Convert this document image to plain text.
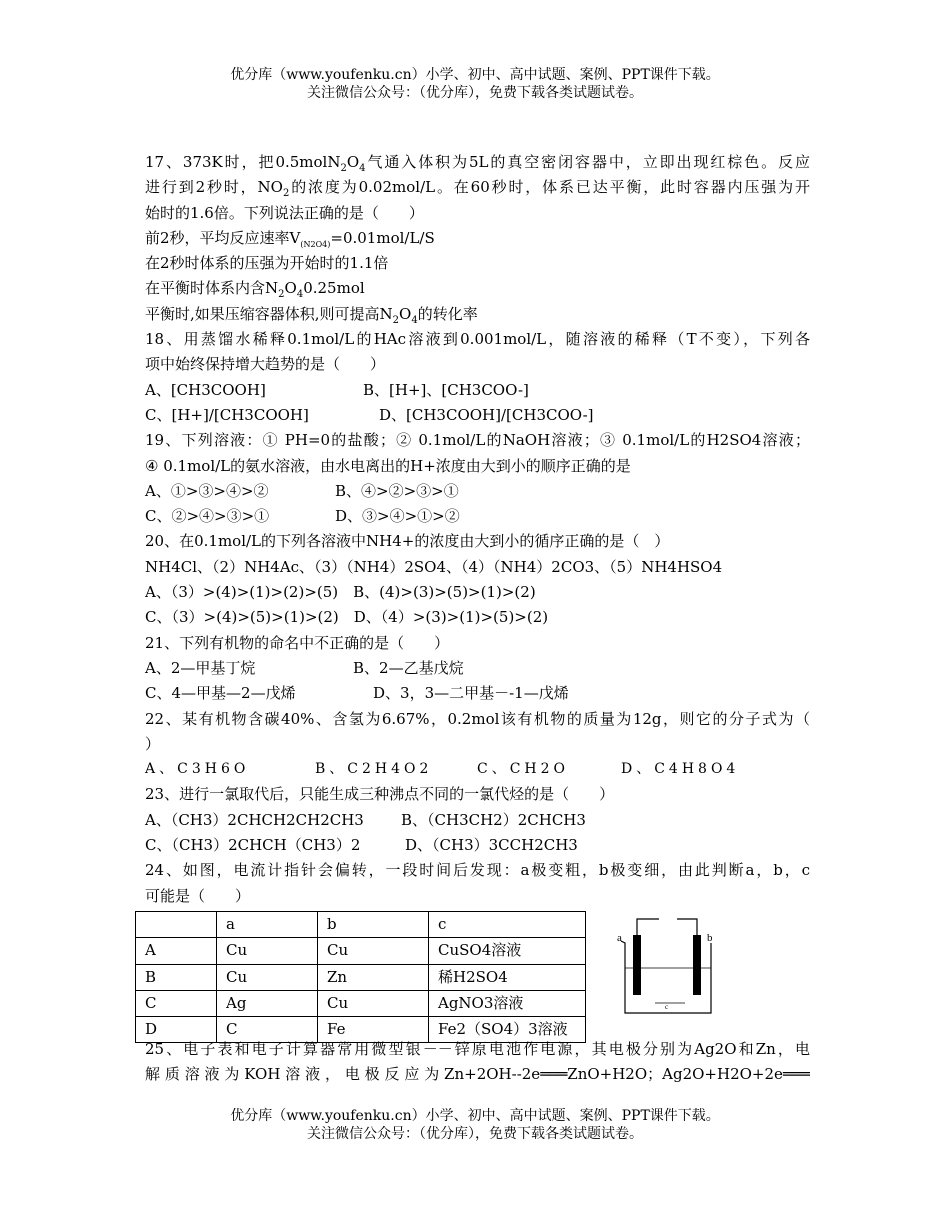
优分库（www.youfenku.cn）小学、初中、高中试题、案例、PPT课件下载。
关注微信公众号：（优分库），免费下载各类试题试卷。
17、373K时，把$0.5molN_2O_4$气通入体积为5L的真空密闭容器中，立即出现红棕色。反应
进行到2秒时，$NO_2$的浓度为0.02mol/L。在60秒时，体系已达平衡，此时容器内压强为开
始时的1.6倍。下列说法正确的是（　　）
前2秒，平均反应速率$V_{(N2O4)}=0.01mol/L/S$
在2秒时体系的压强为开始时的1.1倍
在平衡时体系内含$N_2O_40.25mol$
平衡时,如果压缩容器体积,则可提高$N_2O_4$的转化率
18、用蒸馏水稀释0.1mol/L的HAc溶液到0.001mol/L，随溶液的稀释（T不变），下列各
项中始终保持增大趋势的是（　　）
A、[CH3COOH]	B、[H+]、[CH3COO-]
C、[H+]/[CH3COOH]	D、[CH3COOH]/[CH3COO-]
19、下列溶液：① PH=0的盐酸；② 0.1mol/L的NaOH溶液；③ 0.1mol/L的H2SO4溶液；
④ 0.1mol/L的氨水溶液，由水电离出的H+浓度由大到小的顺序正确的是
A、①>③>④>②	B、④>②>③>①
C、②>④>③>①	D、③>④>①>②
20、在0.1mol/L的下列各溶液中NH4+的浓度由大到小的循序正确的是（　）
NH4Cl、（2）NH4Ac、（3）（NH4）2SO4、（4）（NH4）2CO3、（5）NH4HSO4
A、（3）>(4)>(1)>(2)>(5)　B、(4)>(3)>(5)>(1)>(2)
C、（3）>(4)>(5)>(1)>(2)　D、（4）>(3)>(1)>(5)>(2)
21、下列有机物的命名中不正确的是（　　）
A、2—甲基丁烷	B、2—乙基戊烷
C、4—甲基—2—戊烯	D、3，3—二甲基－-1—戊烯
22、某有机物含碳40%、含氢为6.67%，0.2mol该有机物的质量为12g，则它的分子式为（
）
A、C3H6O	B、C2H4O2	C、CH2O	D、C4H8O4
23、进行一氯取代后，只能生成三种沸点不同的一氯代烃的是（　　）
A、（CH3）2CHCH2CH2CH3	B、（CH3CH2）2CHCH3
C、（CH3）2CHCH（CH3）2	D、（CH3）3CCH2CH3
24、如图，电流计指针会偏转，一段时间后发现：a极变粗，b极变细，由此判断a，b，c
可能是（　　）
	a	b	c
A	Cu	Cu	CuSO4溶液
B	Cu	Zn	稀H2SO4
C	Ag	Cu	AgNO3溶液
D	C	Fe	Fe2（SO4）3溶液
a	b
c
25、电子表和电子计算器常用微型银－－锌原电池作电源，其电极分别为Ag2O和Zn，电
解质溶液为KOH溶液，电极反应为Zn+2OH--2e═══ZnO+H2O；Ag2O+H2O+2e═══
优分库（www.youfenku.cn）小学、初中、高中试题、案例、PPT课件下载。
关注微信公众号：（优分库），免费下载各类试题试卷。
